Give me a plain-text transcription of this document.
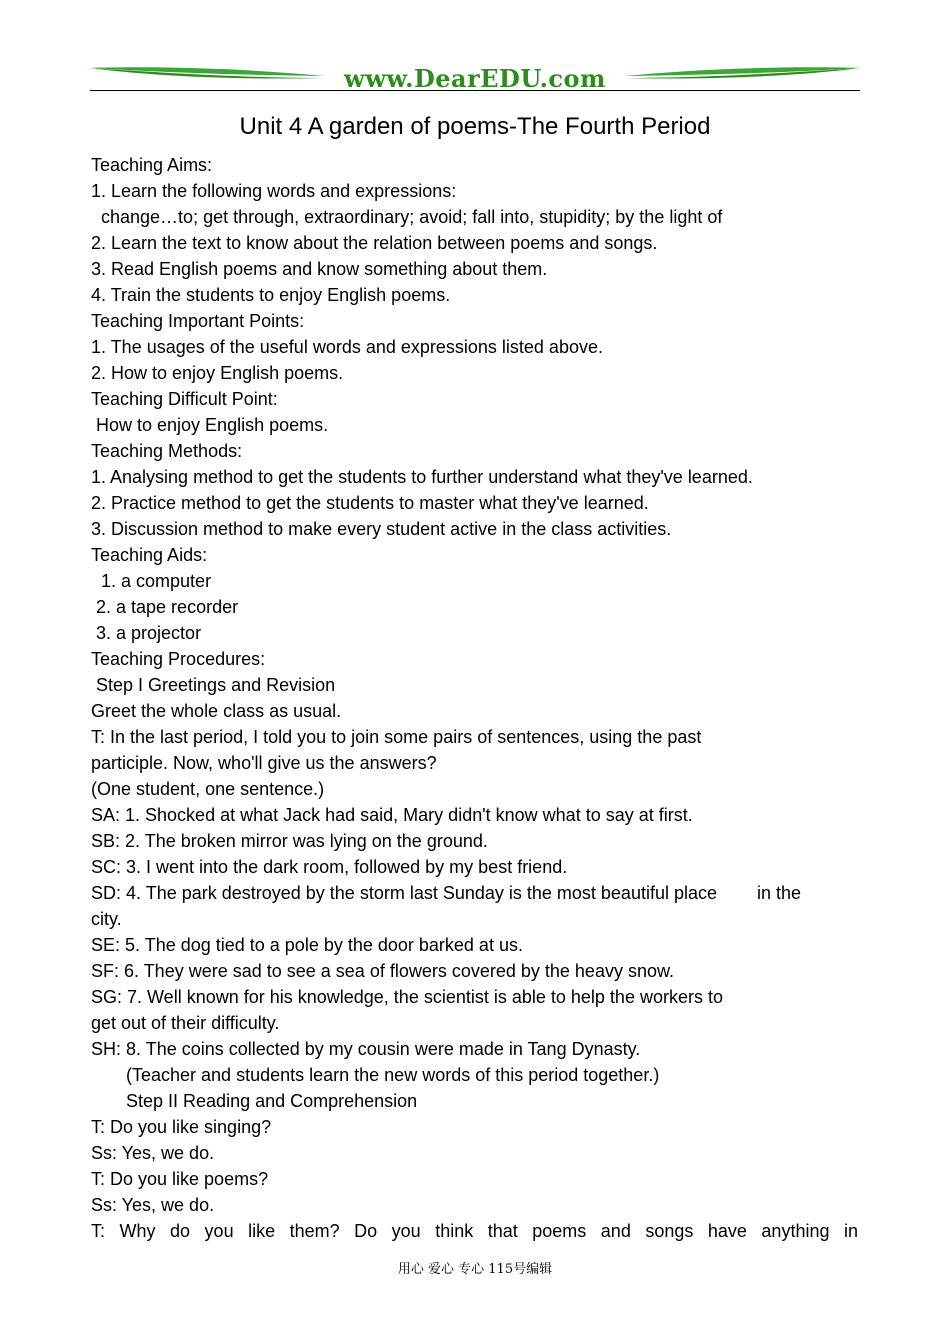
www.DearEDU.com
Unit 4 A garden of poems-The Fourth Period
Teaching Aims:
1. Learn the following words and expressions:
change…to; get through, extraordinary; avoid; fall into, stupidity; by the light of
2. Learn the text to know about the relation between poems and songs.
3. Read English poems and know something about them.
4. Train the students to enjoy English poems.
Teaching Important Points:
1. The usages of the useful words and expressions listed above.
2. How to enjoy English poems.
Teaching Difficult Point:
How to enjoy English poems.
Teaching Methods:
1. Analysing method to get the students to further understand what they've learned.
2. Practice method to get the students to master what they've learned.
3. Discussion method to make every student active in the class activities.
Teaching Aids:
1. a computer
2. a tape recorder
3. a projector
Teaching Procedures:
Step I Greetings and Revision
Greet the whole class as usual.
T: In the last period, I told you to join some pairs of sentences, using the past
participle. Now, who'll give us the answers?
(One student, one sentence.)
SA: 1. Shocked at what Jack had said, Mary didn't know what to say at first.
SB: 2. The broken mirror was lying on the ground.
SC: 3. I went into the dark room, followed by my best friend.
SD: 4. The park destroyed by the storm last Sunday is the most beautiful place        in the
city.
SE: 5. The dog tied to a pole by the door barked at us.
SF: 6. They were sad to see a sea of flowers covered by the heavy snow.
SG: 7. Well known for his knowledge, the scientist is able to help the workers to
get out of their difficulty.
SH: 8. The coins collected by my cousin were made in Tang Dynasty.
(Teacher and students learn the new words of this period together.)
Step II Reading and Comprehension
T: Do you like singing?
Ss: Yes, we do.
T: Do you like poems?
Ss: Yes, we do.
T: Why do you like them? Do you think that poems and songs have anything in
用心 爱心 专心 115号编辑
